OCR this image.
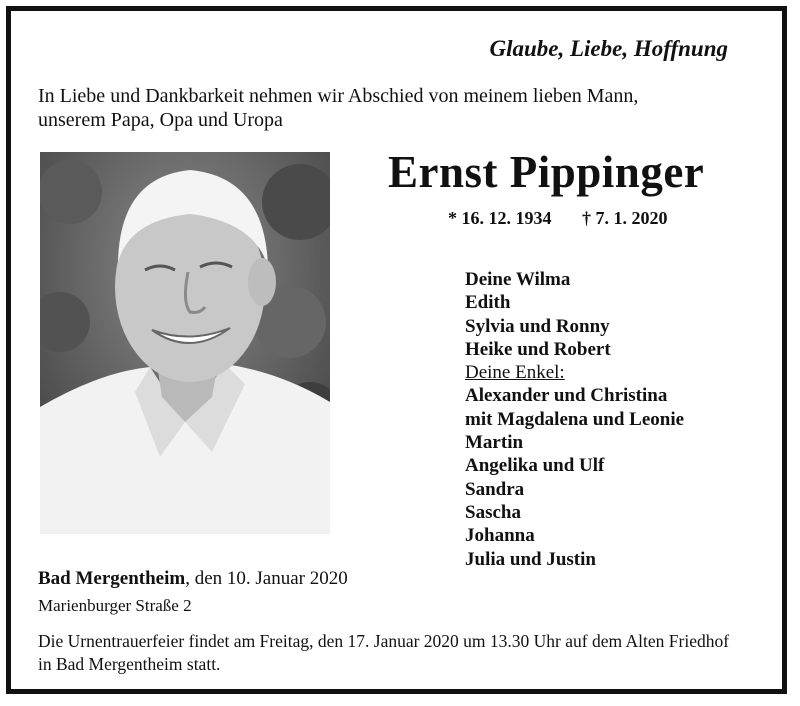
Glaube, Liebe, Hoffnung
In Liebe und Dankbarkeit nehmen wir Abschied von meinem lieben Mann,
unserem Papa, Opa und Uropa
Ernst Pippinger
* 16. 12. 1934 † 7. 1. 2020
Deine Wilma
Edith
Sylvia und Ronny
Heike und Robert
Deine Enkel:
Alexander und Christina
mit Magdalena und Leonie
Martin
Angelika und Ulf
Sandra
Sascha
Johanna
Julia und Justin
Bad Mergentheim, den 10. Januar 2020
Marienburger Straße 2
Die Urnentrauerfeier findet am Freitag, den 17. Januar 2020 um 13.30 Uhr auf dem Alten Friedhof
in Bad Mergentheim statt.
